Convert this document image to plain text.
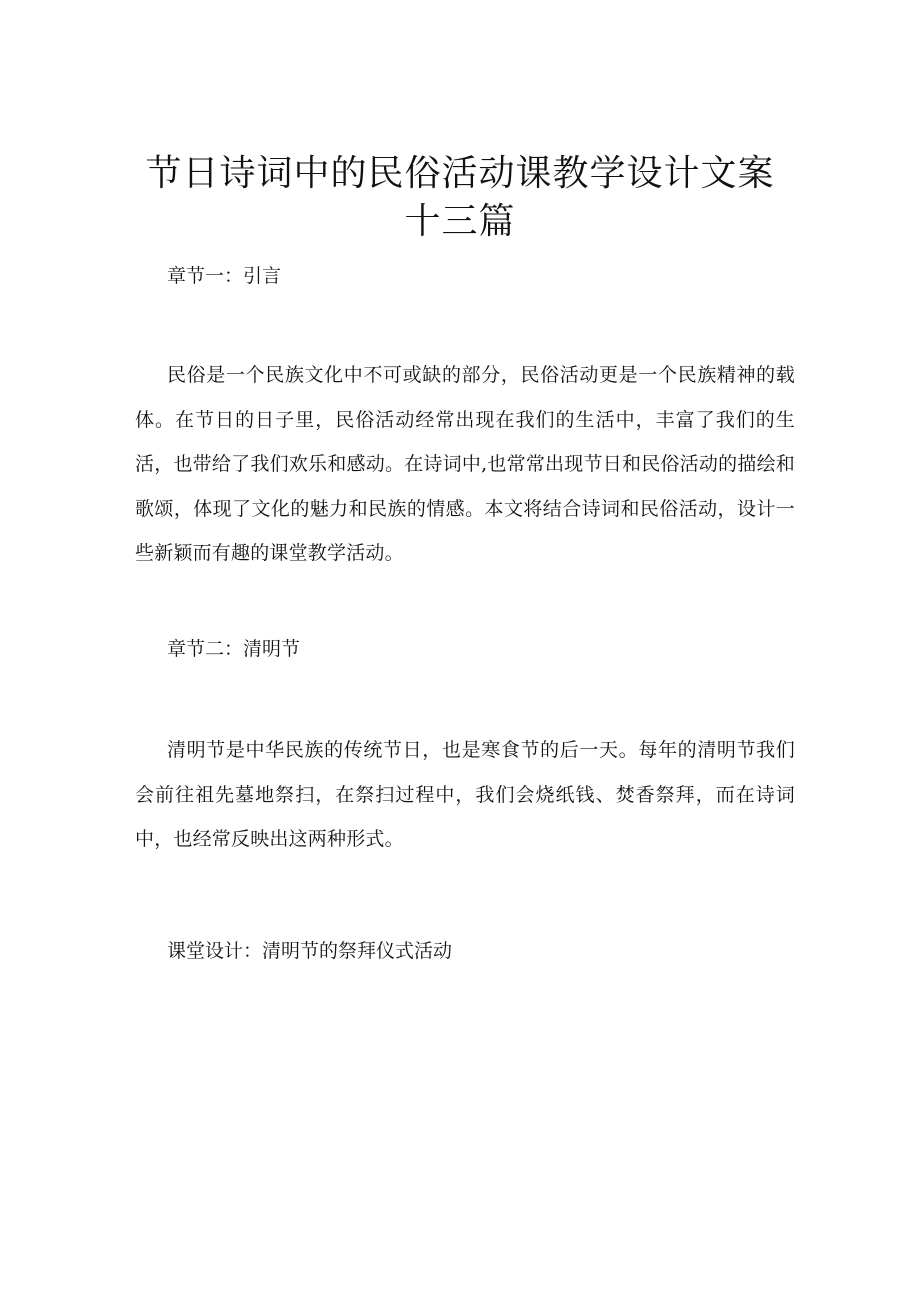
节日诗词中的民俗活动课教学设计文案十三篇

章节一：引言

民俗是一个民族文化中不可或缺的部分，民俗活动更是一个民族精神的载体。在节日的日子里，民俗活动经常出现在我们的生活中，丰富了我们的生活，也带给了我们欢乐和感动。在诗词中,也常常出现节日和民俗活动的描绘和歌颂，体现了文化的魅力和民族的情感。本文将结合诗词和民俗活动，设计一些新颖而有趣的课堂教学活动。

章节二：清明节

清明节是中华民族的传统节日，也是寒食节的后一天。每年的清明节我们会前往祖先墓地祭扫，在祭扫过程中，我们会烧纸钱、焚香祭拜，而在诗词中，也经常反映出这两种形式。

课堂设计：清明节的祭拜仪式活动
